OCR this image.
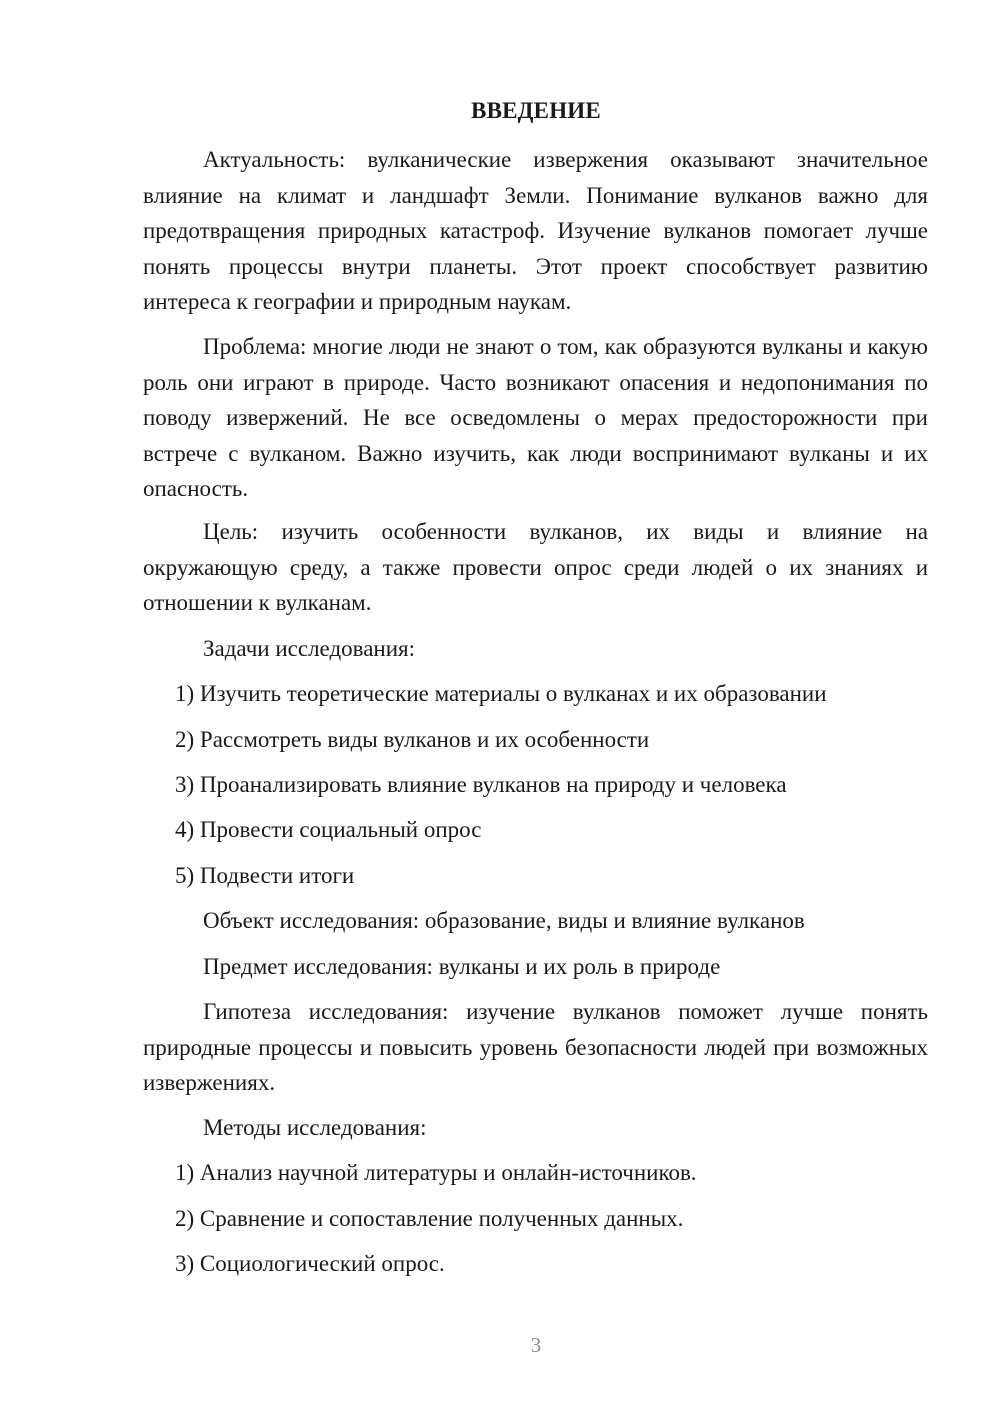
ВВЕДЕНИЕ

Актуальность: вулканические извержения оказывают значительное влияние на климат и ландшафт Земли. Понимание вулканов важно для предотвращения природных катастроф. Изучение вулканов помогает лучше понять процессы внутри планеты. Этот проект способствует развитию интереса к географии и природным наукам.

Проблема: многие люди не знают о том, как образуются вулканы и какую роль они играют в природе. Часто возникают опасения и недопонимания по поводу извержений. Не все осведомлены о мерах предосторожности при встрече с вулканом. Важно изучить, как люди воспринимают вулканы и их опасность.

Цель: изучить особенности вулканов, их виды и влияние на окружающую среду, а также провести опрос среди людей о их знаниях и отношении к вулканам.

Задачи исследования:

1) Изучить теоретические материалы о вулканах и их образовании

2) Рассмотреть виды вулканов и их особенности

3) Проанализировать влияние вулканов на природу и человека

4) Провести социальный опрос

5) Подвести итоги

Объект исследования: образование, виды и влияние вулканов

Предмет исследования: вулканы и их роль в природе

Гипотеза исследования: изучение вулканов поможет лучше понять природные процессы и повысить уровень безопасности людей при возможных извержениях.

Методы исследования:

1) Анализ научной литературы и онлайн-источников.

2) Сравнение и сопоставление полученных данных.

3) Социологический опрос.

3
